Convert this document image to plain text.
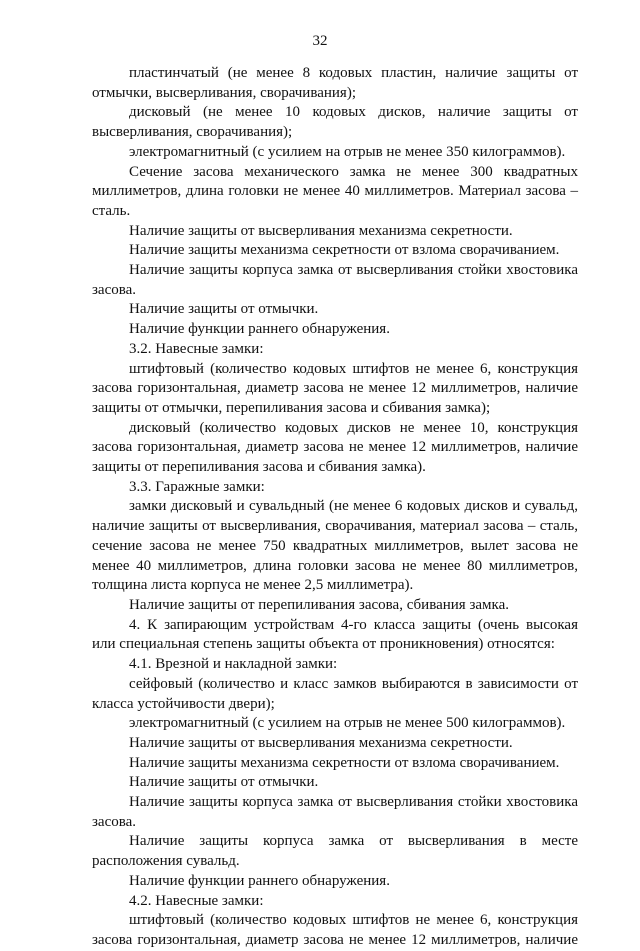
32

пластинчатый (не менее 8 кодовых пластин, наличие защиты от отмычки, высверливания, сворачивания);

дисковый (не менее 10 кодовых дисков, наличие защиты от высверливания, сворачивания);

электромагнитный (с усилием на отрыв не менее 350 килограммов).

Сечение засова механического замка не менее 300 квадратных миллиметров, длина головки не менее 40 миллиметров. Материал засова – сталь.

Наличие защиты от высверливания механизма секретности.

Наличие защиты механизма секретности от взлома сворачиванием.

Наличие защиты корпуса замка от высверливания стойки хвостовика засова.

Наличие защиты от отмычки.

Наличие функции раннего обнаружения.

3.2. Навесные замки:

штифтовый (количество кодовых штифтов не менее 6, конструкция засова горизонтальная, диаметр засова не менее 12 миллиметров, наличие защиты от отмычки, перепиливания засова и сбивания замка);

дисковый (количество кодовых дисков не менее 10, конструкция засова горизонтальная, диаметр засова не менее 12 миллиметров, наличие защиты от перепиливания засова и сбивания замка).

3.3. Гаражные замки:

замки дисковый и сувальдный (не менее 6 кодовых дисков и сувальд, наличие защиты от высверливания, сворачивания, материал засова – сталь, сечение засова не менее 750 квадратных миллиметров, вылет засова не менее 40 миллиметров, длина головки засова не менее 80 миллиметров, толщина листа корпуса не менее 2,5 миллиметра).

Наличие защиты от перепиливания засова, сбивания замка.

4. К запирающим устройствам 4-го класса защиты (очень высокая или специальная степень защиты объекта от проникновения) относятся:

4.1. Врезной и накладной замки:

сейфовый (количество и класс замков выбираются в зависимости от класса устойчивости двери);

электромагнитный (с усилием на отрыв не менее 500 килограммов).

Наличие защиты от высверливания механизма секретности.

Наличие защиты механизма секретности от взлома сворачиванием.

Наличие защиты от отмычки.

Наличие защиты корпуса замка от высверливания стойки хвостовика засова.

Наличие защиты корпуса замка от высверливания в месте расположения сувальд.

Наличие функции раннего обнаружения.

4.2. Навесные замки:

штифтовый (количество кодовых штифтов не менее 6, конструкция засова горизонтальная, диаметр засова не менее 12 миллиметров, наличие
